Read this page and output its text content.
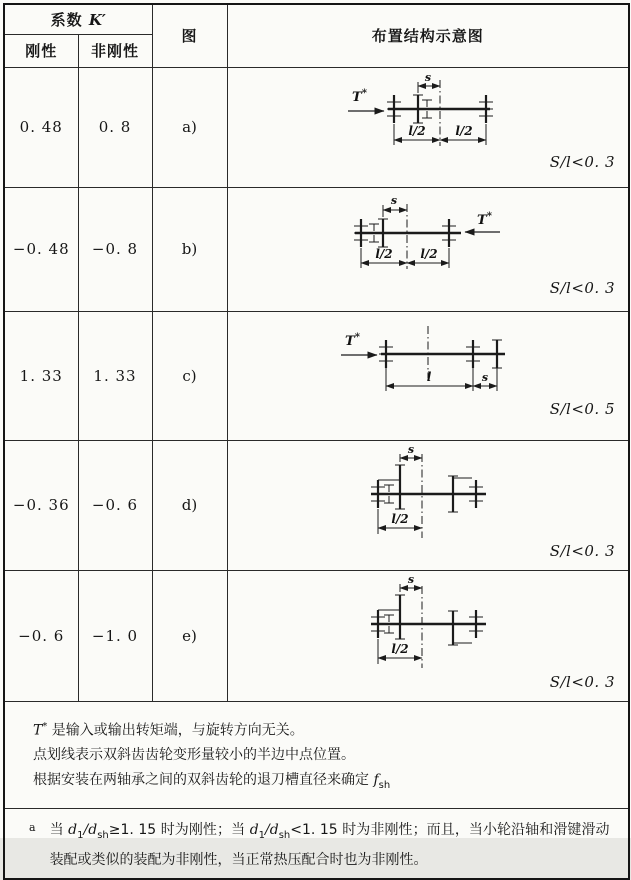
系数 K′		图	布置结构示意图
刚性	非刚性		
0. 48	0. 8	a)	T*
s
l/2 l/2
S/l<0. 3

−0. 48	−0. 8	b)	T*
s
l/2 l/2
S/l<0. 3

1. 33	1. 33	c)	T*
l s
S/l<0. 5

−0. 36	−0. 6	d)	s
l/2
S/l<0. 3

−0. 6	−1. 0	e)	s
l/2
S/l<0. 3

T* 是输入或输出转矩端，与旋转方向无关。

点划线表示双斜齿齿轮变形量较小的半边中点位置。

根据安装在两轴承之间的双斜齿轮的退刀槽直径来确定 $f_{sh}$

a 当 $d_1/d_{sh}\ge 1$. 15 时为刚性；当 $d_1/d_{sh}<1$. 15 时为非刚性；而且，当小轮沿轴和滑键滑动装配或类似的装配为非刚性，当正常热压配合时也为非刚性。			
